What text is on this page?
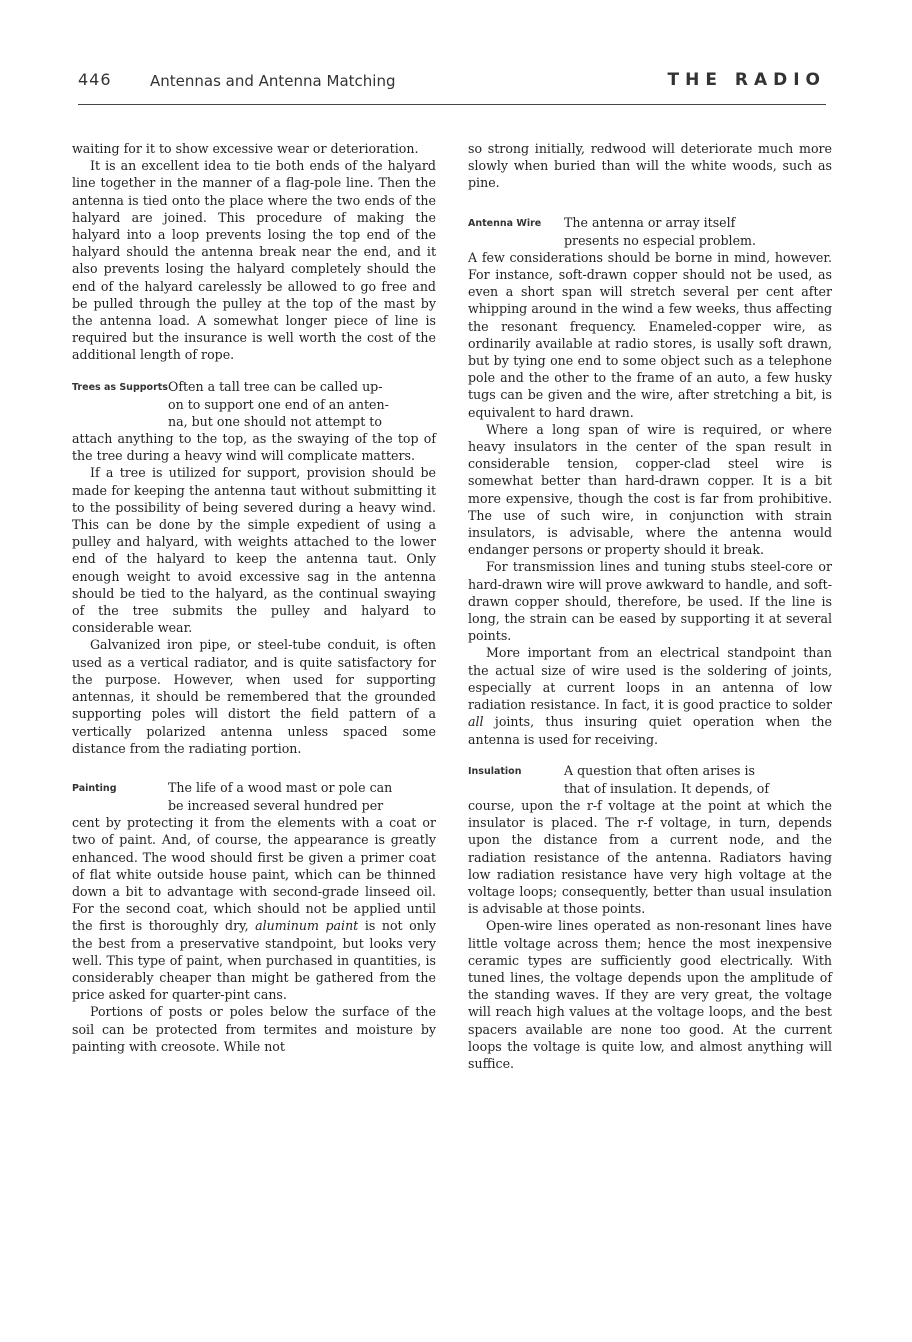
446	Antennas and Antenna Matching	THE RADIO

waiting for it to show excessive wear or deterioration.

It is an excellent idea to tie both ends of the halyard line together in the manner of a flag-pole line. Then the antenna is tied onto the place where the two ends of the halyard are joined. This procedure of making the halyard into a loop prevents losing the top end of the halyard should the antenna break near the end, and it also prevents losing the halyard completely should the end of the halyard carelessly be allowed to go free and be pulled through the pulley at the top of the mast by the antenna load. A somewhat longer piece of line is required but the insurance is well worth the cost of the additional length of rope.

Trees as Supports Often a tall tree can be called up-
on to support one end of an anten-
na, but one should not attempt to

attach anything to the top, as the swaying of the top of the tree during a heavy wind will complicate matters.

If a tree is utilized for support, provision should be made for keeping the antenna taut without submitting it to the possibility of being severed during a heavy wind. This can be done by the simple expedient of using a pulley and halyard, with weights attached to the lower end of the halyard to keep the antenna taut. Only enough weight to avoid excessive sag in the antenna should be tied to the halyard, as the continual swaying of the tree submits the pulley and halyard to considerable wear.

Galvanized iron pipe, or steel-tube conduit, is often used as a vertical radiator, and is quite satisfactory for the purpose. However, when used for supporting antennas, it should be remembered that the grounded supporting poles will distort the field pattern of a vertically polarized antenna unless spaced some distance from the radiating portion.

Painting	The life of a wood mast or pole can
be increased several hundred per

cent by protecting it from the elements with a coat or two of paint. And, of course, the appearance is greatly enhanced. The wood should first be given a primer coat of flat white outside house paint, which can be thinned down a bit to advantage with second-grade linseed oil. For the second coat, which should not be applied until the first is thoroughly dry, aluminum paint is not only the best from a preservative standpoint, but looks very well. This type of paint, when purchased in quantities, is considerably cheaper than might be gathered from the price asked for quarter-pint cans.

Portions of posts or poles below the surface of the soil can be protected from termites and moisture by painting with creosote. While not

so strong initially, redwood will deteriorate much more slowly when buried than will the white woods, such as pine.

Antenna Wire	The antenna or array itself
presents no especial problem.

A few considerations should be borne in mind, however. For instance, soft-drawn copper should not be used, as even a short span will stretch several per cent after whipping around in the wind a few weeks, thus affecting the resonant frequency. Enameled-copper wire, as ordinarily available at radio stores, is usally soft drawn, but by tying one end to some object such as a telephone pole and the other to the frame of an auto, a few husky tugs can be given and the wire, after stretching a bit, is equivalent to hard drawn.

Where a long span of wire is required, or where heavy insulators in the center of the span result in considerable tension, copper-clad steel wire is somewhat better than hard-drawn copper. It is a bit more expensive, though the cost is far from prohibitive. The use of such wire, in conjunction with strain insulators, is advisable, where the antenna would endanger persons or property should it break.

For transmission lines and tuning stubs steel-core or hard-drawn wire will prove awkward to handle, and soft-drawn copper should, therefore, be used. If the line is long, the strain can be eased by supporting it at several points.

More important from an electrical standpoint than the actual size of wire used is the soldering of joints, especially at current loops in an antenna of low radiation resistance. In fact, it is good practice to solder all joints, thus insuring quiet operation when the antenna is used for receiving.

Insulation	A question that often arises is
that of insulation. It depends, of

course, upon the r-f voltage at the point at which the insulator is placed. The r-f voltage, in turn, depends upon the distance from a current node, and the radiation resistance of the antenna. Radiators having low radiation resistance have very high voltage at the voltage loops; consequently, better than usual insulation is advisable at those points.

Open-wire lines operated as non-resonant lines have little voltage across them; hence the most inexpensive ceramic types are sufficiently good electrically. With tuned lines, the voltage depends upon the amplitude of the standing waves. If they are very great, the voltage will reach high values at the voltage loops, and the best spacers available are none too good. At the current loops the voltage is quite low, and almost anything will suffice.
